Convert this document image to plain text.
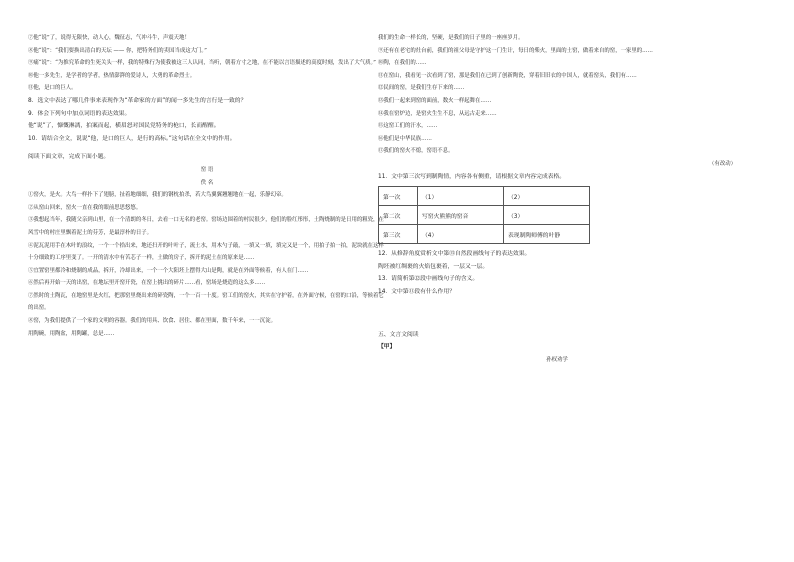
⑦他“说”了，说得无限快，动人心，魏征志，气冲斗牛，声震天地！

⑧他“说”：“我们要换出清白的天坛 —— 你，把特务们的卖国当成这大门。”

⑨痛“说”：“为推究革命的生死关头一样，我的特殊行为使我被这三人认同，当听，朝着方寸之地，在不能以言语描述的高度时刻，发出了大气质。”

⑩他一多先生，是学者的学者，热情澎湃的爱诗人，大勇的革命烈士。

⑪他，是口的巨人。

8．选文中表达了哪几件事来表现作为“革命家的方面”的闻一多先生的言行是一致的？

9．体会下列句中加点词语的表达效果。

他“说”了，慷慨淋漓，拍案而起，横眉怒对国民党特务的枪口，长而醒醒。

10．请结合全文，说说“他，是口的巨人，是行的高标。”这句话在全文中的作用。

阅读下面文章，完成下面小题。

窑 语

佚 名

①窑火，是火。大鸟一样扑下了翅膀，扯着地细细，我们的钢枕拍杀，若大鸟翼翼翘翘地在一起，乐静幻帝。

②从窑山回来，窑火一直在我的眼前思思悠悠。

③我想起当年，我随父亲到山里，在一个清朗的冬日，去看一口无名的老窑。窑场边围着的村民很少，他们的脸红彤彤，土陶烧制的是日用的粗瓷，在风雪中的村庄里飘着泥土的芬芳，是最淳朴的日子。

④泥瓦泥用手在木叶的浪纹，一个一个拾出来，地还扫开的叶叶子，流土水，用木勺子敲，一填又一填，填完又是一个，用拍子拍一拍，泥块就在这样十分细致的工序里变了。一开的清水中有苦芯子一样，土做的房子，拆开的泥土在的原来是……

⑤宜置窑里都冷和烧制的成品，拆开，冷却出来，一个一个大阳坯上摆得大山是陶，就是在外面等候着，有人在门……

⑥然后再开始一天的出窑，在地坛里开窑开瓷，在窑上挑出的碎片……看，窑场是烧造的这么多……

⑦然时的土陶瓦，在地窑里是火红，把那窑里烧出来的碎瓷陶，一个一百一十度。窑工们的窑火，其实在守护着，在外面守候，在窑的口沿，等候着它的出窑。

⑧窑，为我们提供了一个家的文明的容器。我们的用具、饮食、居住、都在里面，数千年来，一一沉淀。

用陶碗，用陶盆，用陶罐，总是……

我们的生命一样长的，坚硬，是我们的日子里的一座座岁月。

⑨还有在老宅的灶台前，我们的祖父母是守护这一门生计，每日的柴火，里面的土窑，做着来自的窑，一家里的……

⑩陶，在我们的……

⑪在窑山，我看见一次看到了窑，那是我们在已到了创新陶瓷，穿着旧旧衣的中国人，就着窑头，我们有……

⑫民间的窑，是我们生存下来的……

⑬我们一起来到窑的面前，数火一样起舞在……

⑭我在窑炉边，是窑火生生不息，从远古走来……

⑮这窑工们的汗水，……

⑯他们是中华民族……

⑰我们的窑火不熄，窑语不息。

（有改动）

11．文中第三次写到制陶情，内容各有侧重，请根据文章内容完成表格。

第一次	（1）	（2）
第二次	写窑火熊熊的窑音	（3）
第三次	（4）	表现制陶师傅的叶静

12．从修辞角度赏析文中第⑬自然段画线句子的表达效果。

陶坯被红绸裹的火焰包裹着，一层又一层。

13．请简析第⑫段中画线句子的含义。

14．文中第⑪段有什么作用？

五、文言文阅读

【甲】

孙权劝学
